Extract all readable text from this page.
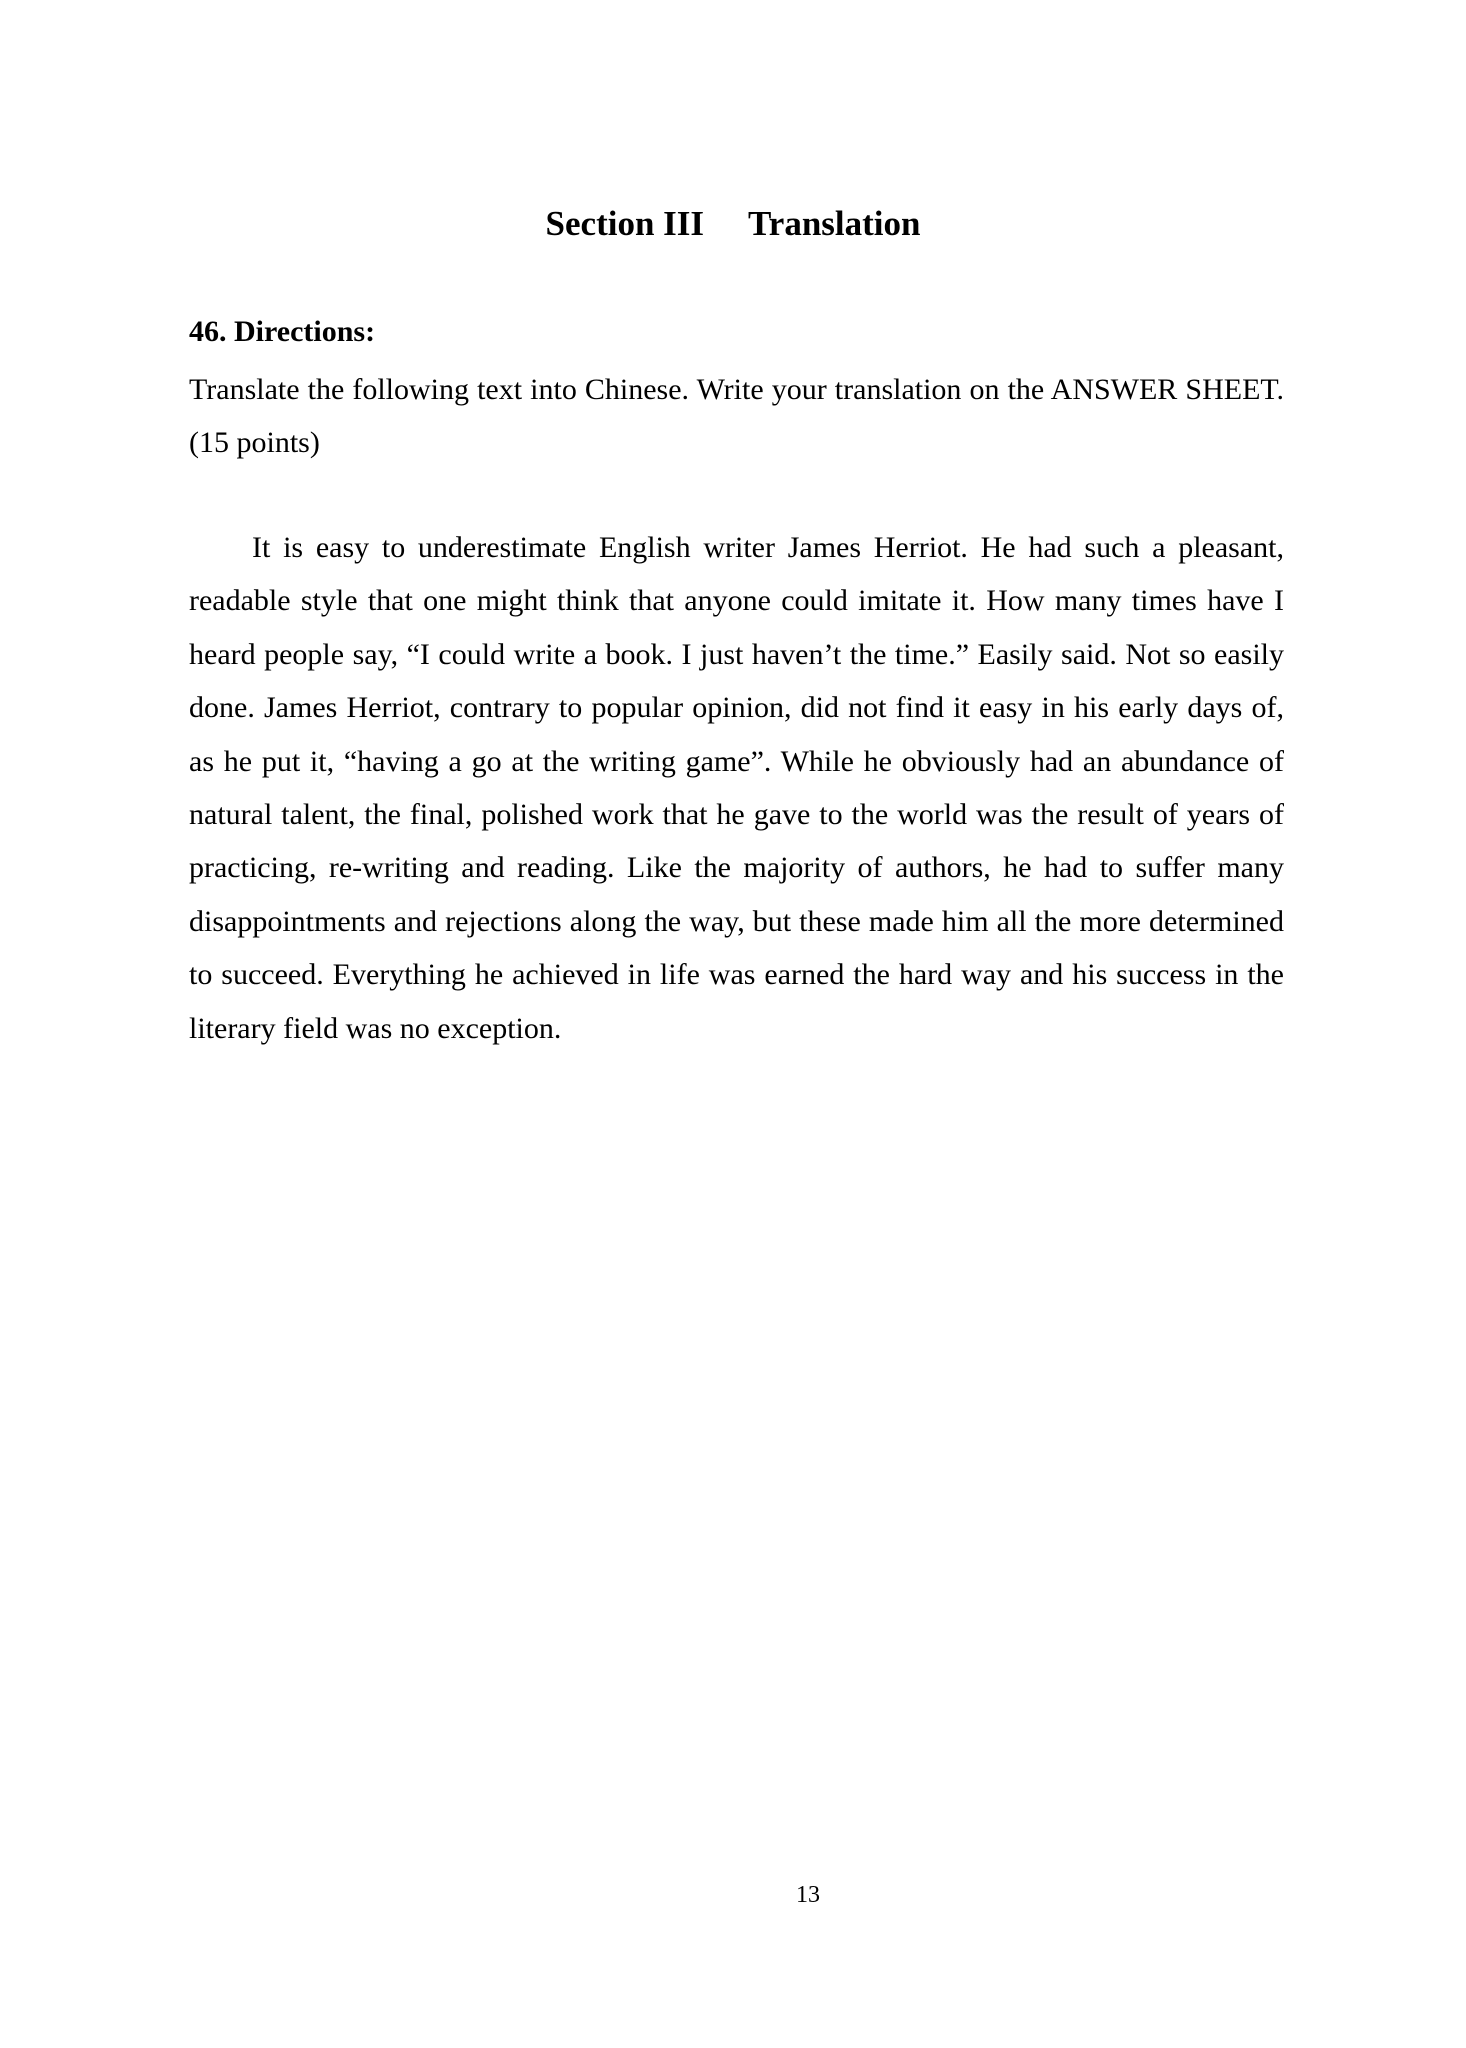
Section III Translation
46. Directions:

Translate the following text into Chinese. Write your translation on the ANSWER SHEET. (15 points)

It is easy to underestimate English writer James Herriot. He had such a pleasant, readable style that one might think that anyone could imitate it. How many times have I heard people say, “I could write a book. I just haven’t the time.” Easily said. Not so easily done. James Herriot, contrary to popular opinion, did not find it easy in his early days of, as he put it, “having a go at the writing game”. While he obviously had an abundance of natural talent, the final, polished work that he gave to the world was the result of years of practicing, re-writing and reading. Like the majority of authors, he had to suffer many disappointments and rejections along the way, but these made him all the more determined to succeed. Everything he achieved in life was earned the hard way and his success in the literary field was no exception.

13
